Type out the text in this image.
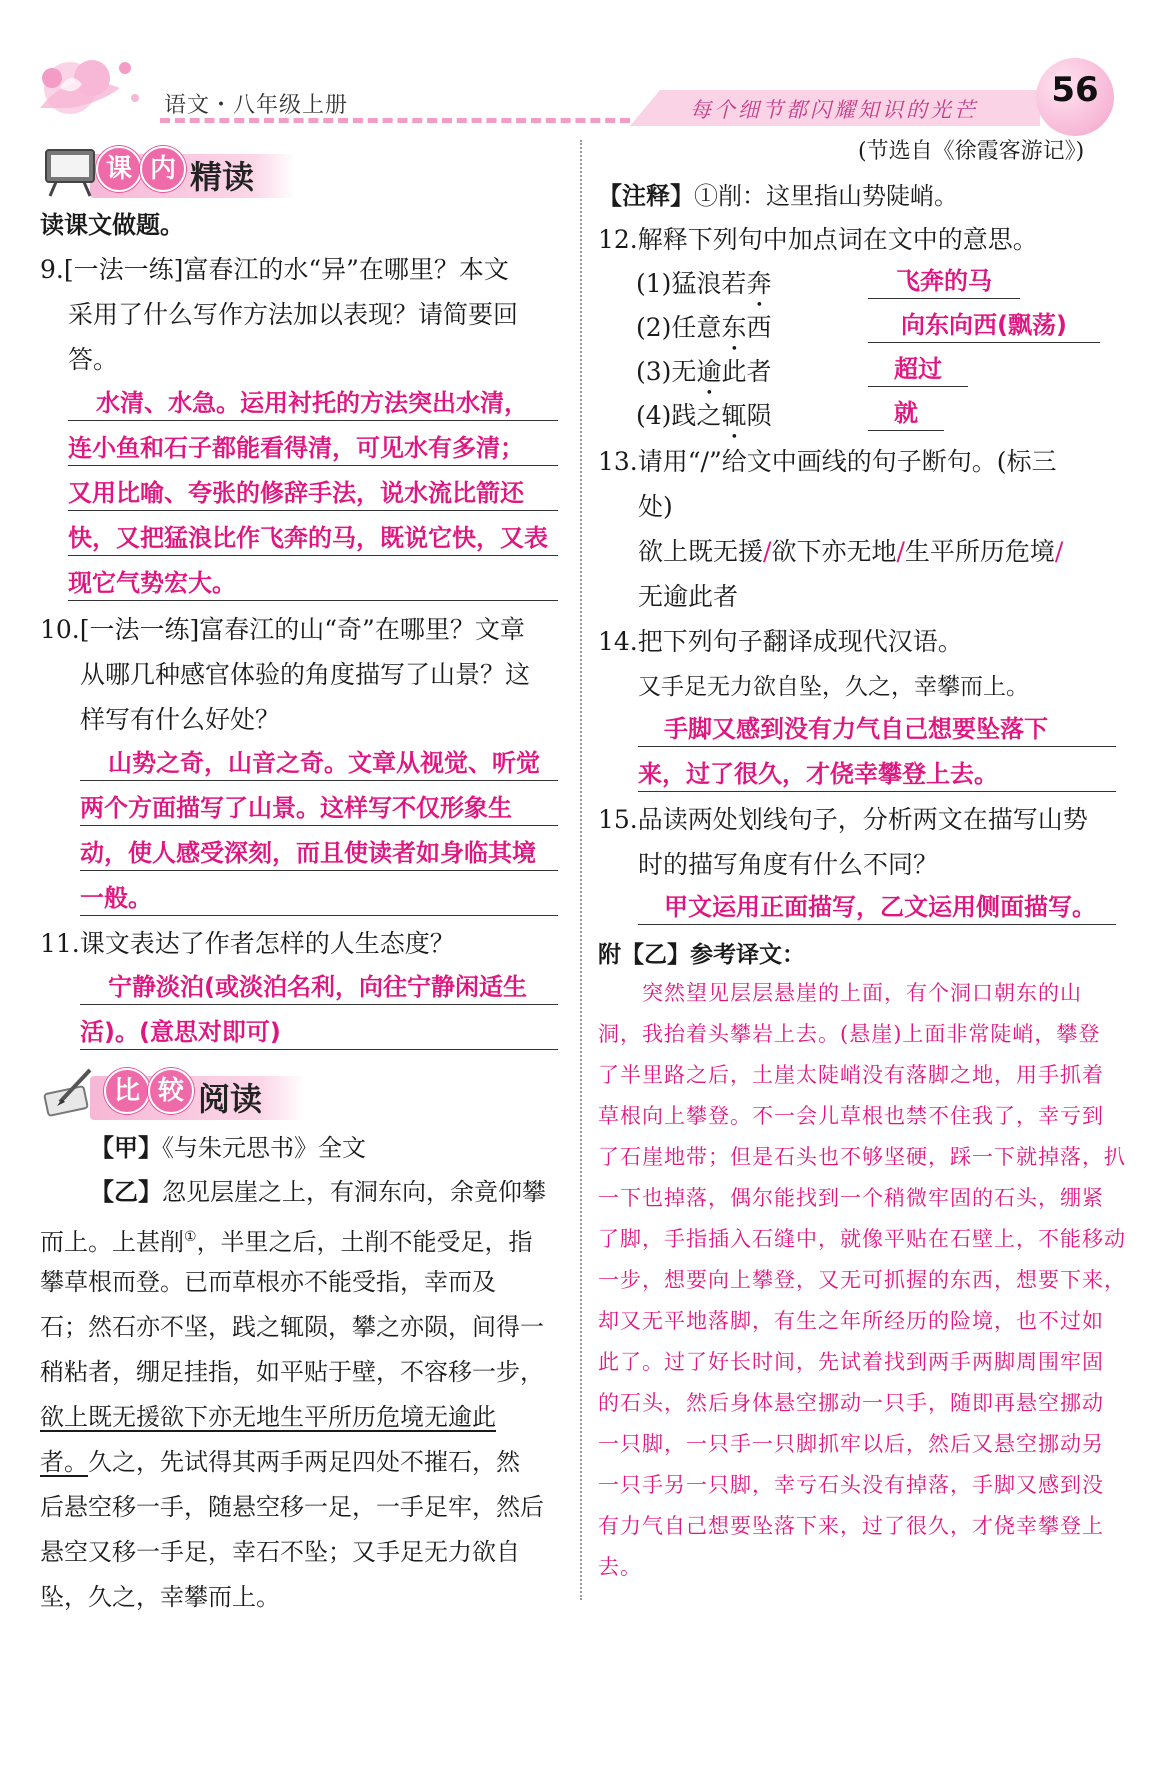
语文・八年级上册	每个细节都闪耀知识的光芒	56
课 内 精读
读课文做题。
9.[一法一练]富春江的水“异”在哪里？本文
采用了什么写作方法加以表现？请简要回
答。
水清、水急。运用衬托的方法突出水清，
连小鱼和石子都能看得清，可见水有多清；
又用比喻、夸张的修辞手法，说水流比箭还
快，又把猛浪比作飞奔的马，既说它快，又表
现它气势宏大。
10.[一法一练]富春江的山“奇”在哪里？文章
从哪几种感官体验的角度描写了山景？这
样写有什么好处？
山势之奇，山音之奇。文章从视觉、听觉
两个方面描写了山景。这样写不仅形象生
动，使人感受深刻，而且使读者如身临其境
一般。
11.课文表达了作者怎样的人生态度？
宁静淡泊(或淡泊名利，向往宁静闲适生
活)。(意思对即可)
比 较 阅读
【甲】《与朱元思书》全文
【乙】忽见层崖之上，有洞东向，余竟仰攀
而上。上甚削①，半里之后，土削不能受足，指
攀草根而登。已而草根亦不能受指，幸而及
石；然石亦不坚，践之辄陨，攀之亦陨，间得一
稍粘者，绷足挂指，如平贴于壁，不容移一步，
欲上既无援欲下亦无地生平所历危境无逾此
者。久之，先试得其两手两足四处不摧石，然
后悬空移一手，随悬空移一足，一手足牢，然后
悬空又移一手足，幸石不坠；又手足无力欲自
坠，久之，幸攀而上。
(节选自《徐霞客游记》)
【注释】①削：这里指山势陡峭。
12.解释下列句中加点词在文中的意思。
(1)猛浪若奔	飞奔的马
(2)任意东西	向东向西(飘荡)
(3)无逾此者	超过
(4)践之辄陨	就
13.请用“/”给文中画线的句子断句。(标三
处)
欲上既无援/欲下亦无地/生平所历危境/
无逾此者
14.把下列句子翻译成现代汉语。
又手足无力欲自坠，久之，幸攀而上。
手脚又感到没有力气自己想要坠落下
来，过了很久，才侥幸攀登上去。
15.品读两处划线句子，分析两文在描写山势
时的描写角度有什么不同？
甲文运用正面描写，乙文运用侧面描写。
附【乙】参考译文：
突然望见层层悬崖的上面，有个洞口朝东的山
洞，我抬着头攀岩上去。(悬崖)上面非常陡峭，攀登
了半里路之后，土崖太陡峭没有落脚之地，用手抓着
草根向上攀登。不一会儿草根也禁不住我了，幸亏到
了石崖地带；但是石头也不够坚硬，踩一下就掉落，扒
一下也掉落，偶尔能找到一个稍微牢固的石头，绷紧
了脚，手指插入石缝中，就像平贴在石壁上，不能移动
一步，想要向上攀登，又无可抓握的东西，想要下来，
却又无平地落脚，有生之年所经历的险境，也不过如
此了。过了好长时间，先试着找到两手两脚周围牢固
的石头，然后身体悬空挪动一只手，随即再悬空挪动
一只脚，一只手一只脚抓牢以后，然后又悬空挪动另
一只手另一只脚，幸亏石头没有掉落，手脚又感到没
有力气自己想要坠落下来，过了很久，才侥幸攀登上
去。
